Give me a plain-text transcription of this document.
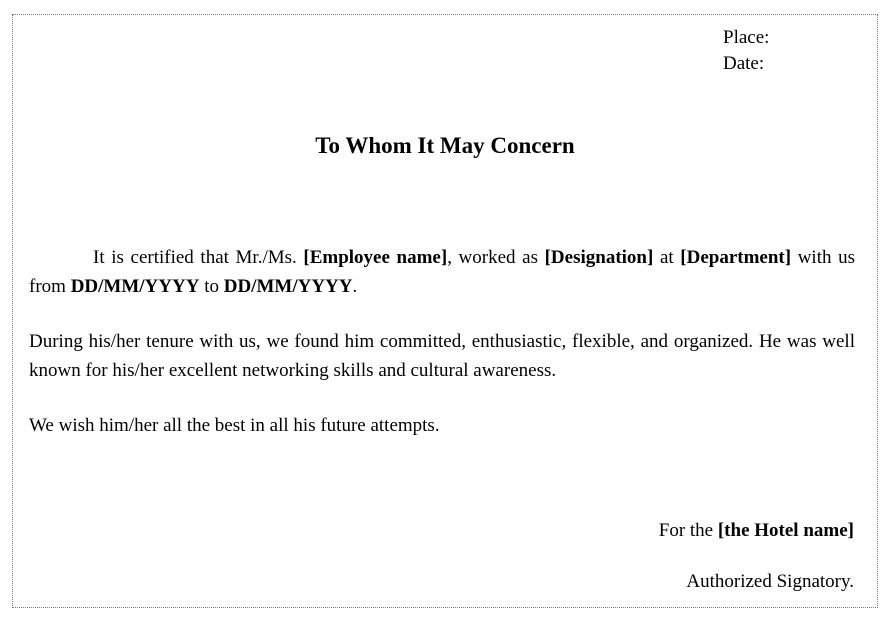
Place:
Date:
To Whom It May Concern
It is certified that Mr./Ms. [Employee name], worked as [Designation] at [Department] with us from DD/MM/YYYY to DD/MM/YYYY.
During his/her tenure with us, we found him committed, enthusiastic, flexible, and organized. He was well known for his/her excellent networking skills and cultural awareness.
We wish him/her all the best in all his future attempts.
For the [the Hotel name]
Authorized Signatory.
